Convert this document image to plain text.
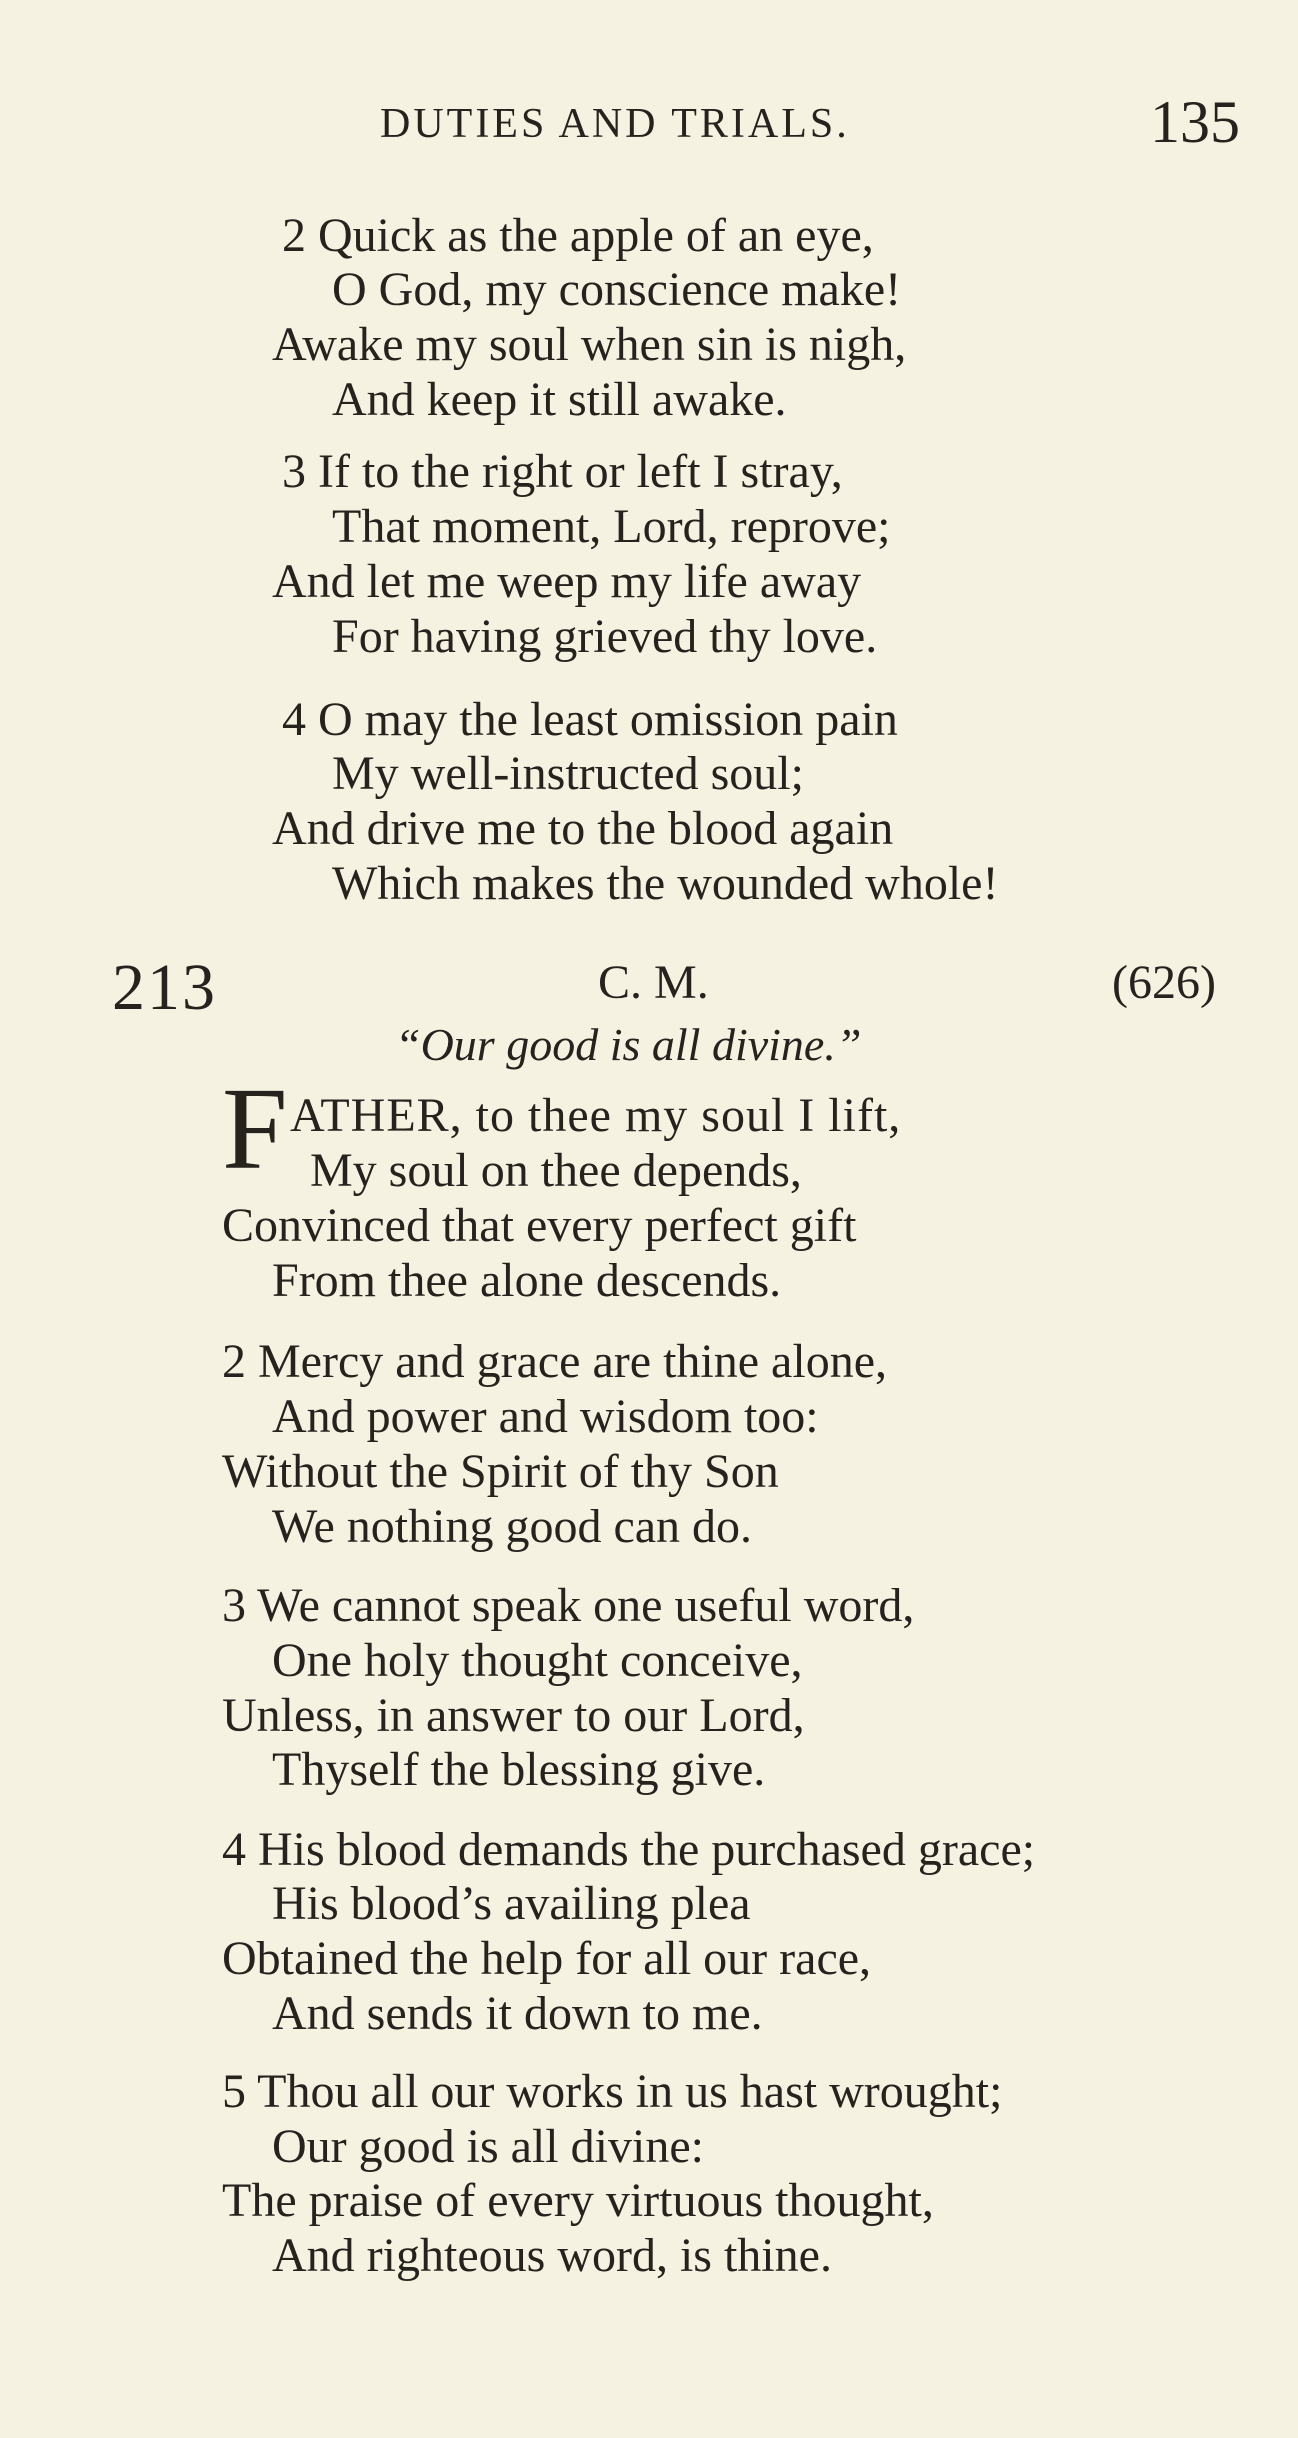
DUTIES AND TRIALS.	135
2 Quick as the apple of an eye,
O God, my conscience make!
Awake my soul when sin is nigh,
And keep it still awake.
3 If to the right or left I stray,
That moment, Lord, reprove;
And let me weep my life away
For having grieved thy love.
4 O may the least omission pain
My well-instructed soul;
And drive me to the blood again
Which makes the wounded whole!
213	C. M.	(626)
“Our good is all divine.”
F ATHER, to thee my soul I lift,
My soul on thee depends,
Convinced that every perfect gift
From thee alone descends.
2 Mercy and grace are thine alone,
And power and wisdom too:
Without the Spirit of thy Son
We nothing good can do.
3 We cannot speak one useful word,
One holy thought conceive,
Unless, in answer to our Lord,
Thyself the blessing give.
4 His blood demands the purchased grace;
His blood’s availing plea
Obtained the help for all our race,
And sends it down to me.
5 Thou all our works in us hast wrought;
Our good is all divine:
The praise of every virtuous thought,
And righteous word, is thine.
